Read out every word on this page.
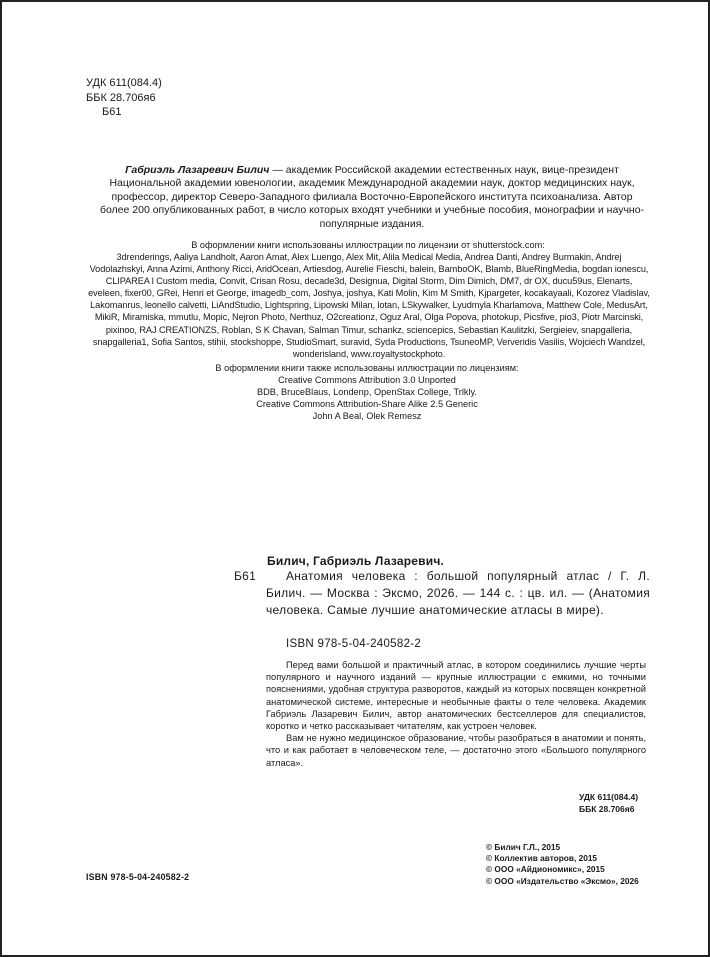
УДК 611(084.4)
ББК 28.706я6
Б61
Габриэль Лазаревич Билич — академик Российской академии естественных наук, вице-президент Национальной академии ювенологии, академик Международной академии наук, доктор медицинских наук, профессор, директор Северо-Западного филиала Восточно-Европейского института психоанализа. Автор более 200 опубликованных работ, в число которых входят учебники и учебные пособия, монографии и научно-популярные издания.
В оформлении книги использованы иллюстрации по лицензии от shutterstock.com:
3drenderings, Aaliya Landholt, Aaron Amat, Alex Luengo, Alex Mit, Alila Medical Media, Andrea Danti, Andrey Burmakin, Andrej Vodolazhskyi, Anna Azimi, Anthony Ricci, AridOcean, Artiesdog, Aurelie Fieschi, balein, BamboOK, Blamb, BlueRingMedia, bogdan ionescu, CLIPAREA l Custom media, Convit, Crisan Rosu, decade3d, Designua, Digital Storm, Dim Dimich, DM7, dr OX, ducu59us, Elenarts, eveleen, fixer00, GRei, Henri et George, imagedb_com, Joshya, joshya, Kati Molin, Kim M Smith, Kjpargeter, kocakayaali, Kozorez Vladislav, Lakomanrus, leonello calvetti, LiAndStudio, Lightspring, Lipowski Milan, lotan, LSkywalker, Lyudmyla Kharlamova, Matthew Cole, MedusArt, MikiR, Miramiska, mmutlu, Mopic, Nejron Photo, Nerthuz, O2creationz, Oguz Aral, Olga Popova, photokup, Picsfive, pio3, Piotr Marcinski, pixinoo, RAJ CREATIONZS, Roblan, S K Chavan, Salman Timur, schankz, sciencepics, Sebastian Kaulitzki, Sergieiev, snapgalleria, snapgalleria1, Sofia Santos, stihii, stockshoppe, StudioSmart, suravid, Syda Productions, TsuneoMP, Ververidis Vasilis, Wojciech Wandzel, wonderisland, www.royaltystockphoto.
В оформлении книги также использованы иллюстрации по лицензиям:
Creative Commons Attribution 3.0 Unported
BDB, BruceBlaus, Londenp, OpenStax College, Trlkly.
Creative Commons Attribution-Share Alike 2.5 Generic
John A Beal, Olek Remesz
Билич, Габриэль Лазаревич.
Б61	Анатомия человека : большой популярный атлас / Г. Л. Билич. — Москва : Эксмо, 2026. — 144 с. : цв. ил. — (Анатомия человека. Самые лучшие анатомические атласы в мире).
ISBN 978-5-04-240582-2

Перед вами большой и практичный атлас, в котором соединились лучшие черты популярного и научного изданий — крупные иллюстрации с емкими, но точными пояснениями, удобная структура разворотов, каждый из которых посвящен конкретной анатомической системе, интересные и необычные факты о теле человека. Академик Габриэль Лазаревич Билич, автор анатомических бестселлеров для специалистов, коротко и четко рассказывает читателям, как устроен человек.

Вам не нужно медицинское образование, чтобы разобраться в анатомии и понять, что и как работает в человеческом теле, — достаточно этого «Большого популярного атласа».

УДК 611(084.4)
ББК 28.706я6
© Билич Г.Л., 2015
© Коллектив авторов, 2015
© ООО «Айдиономикс», 2015
© ООО «Издательство «Эксмо», 2026
ISBN 978-5-04-240582-2
